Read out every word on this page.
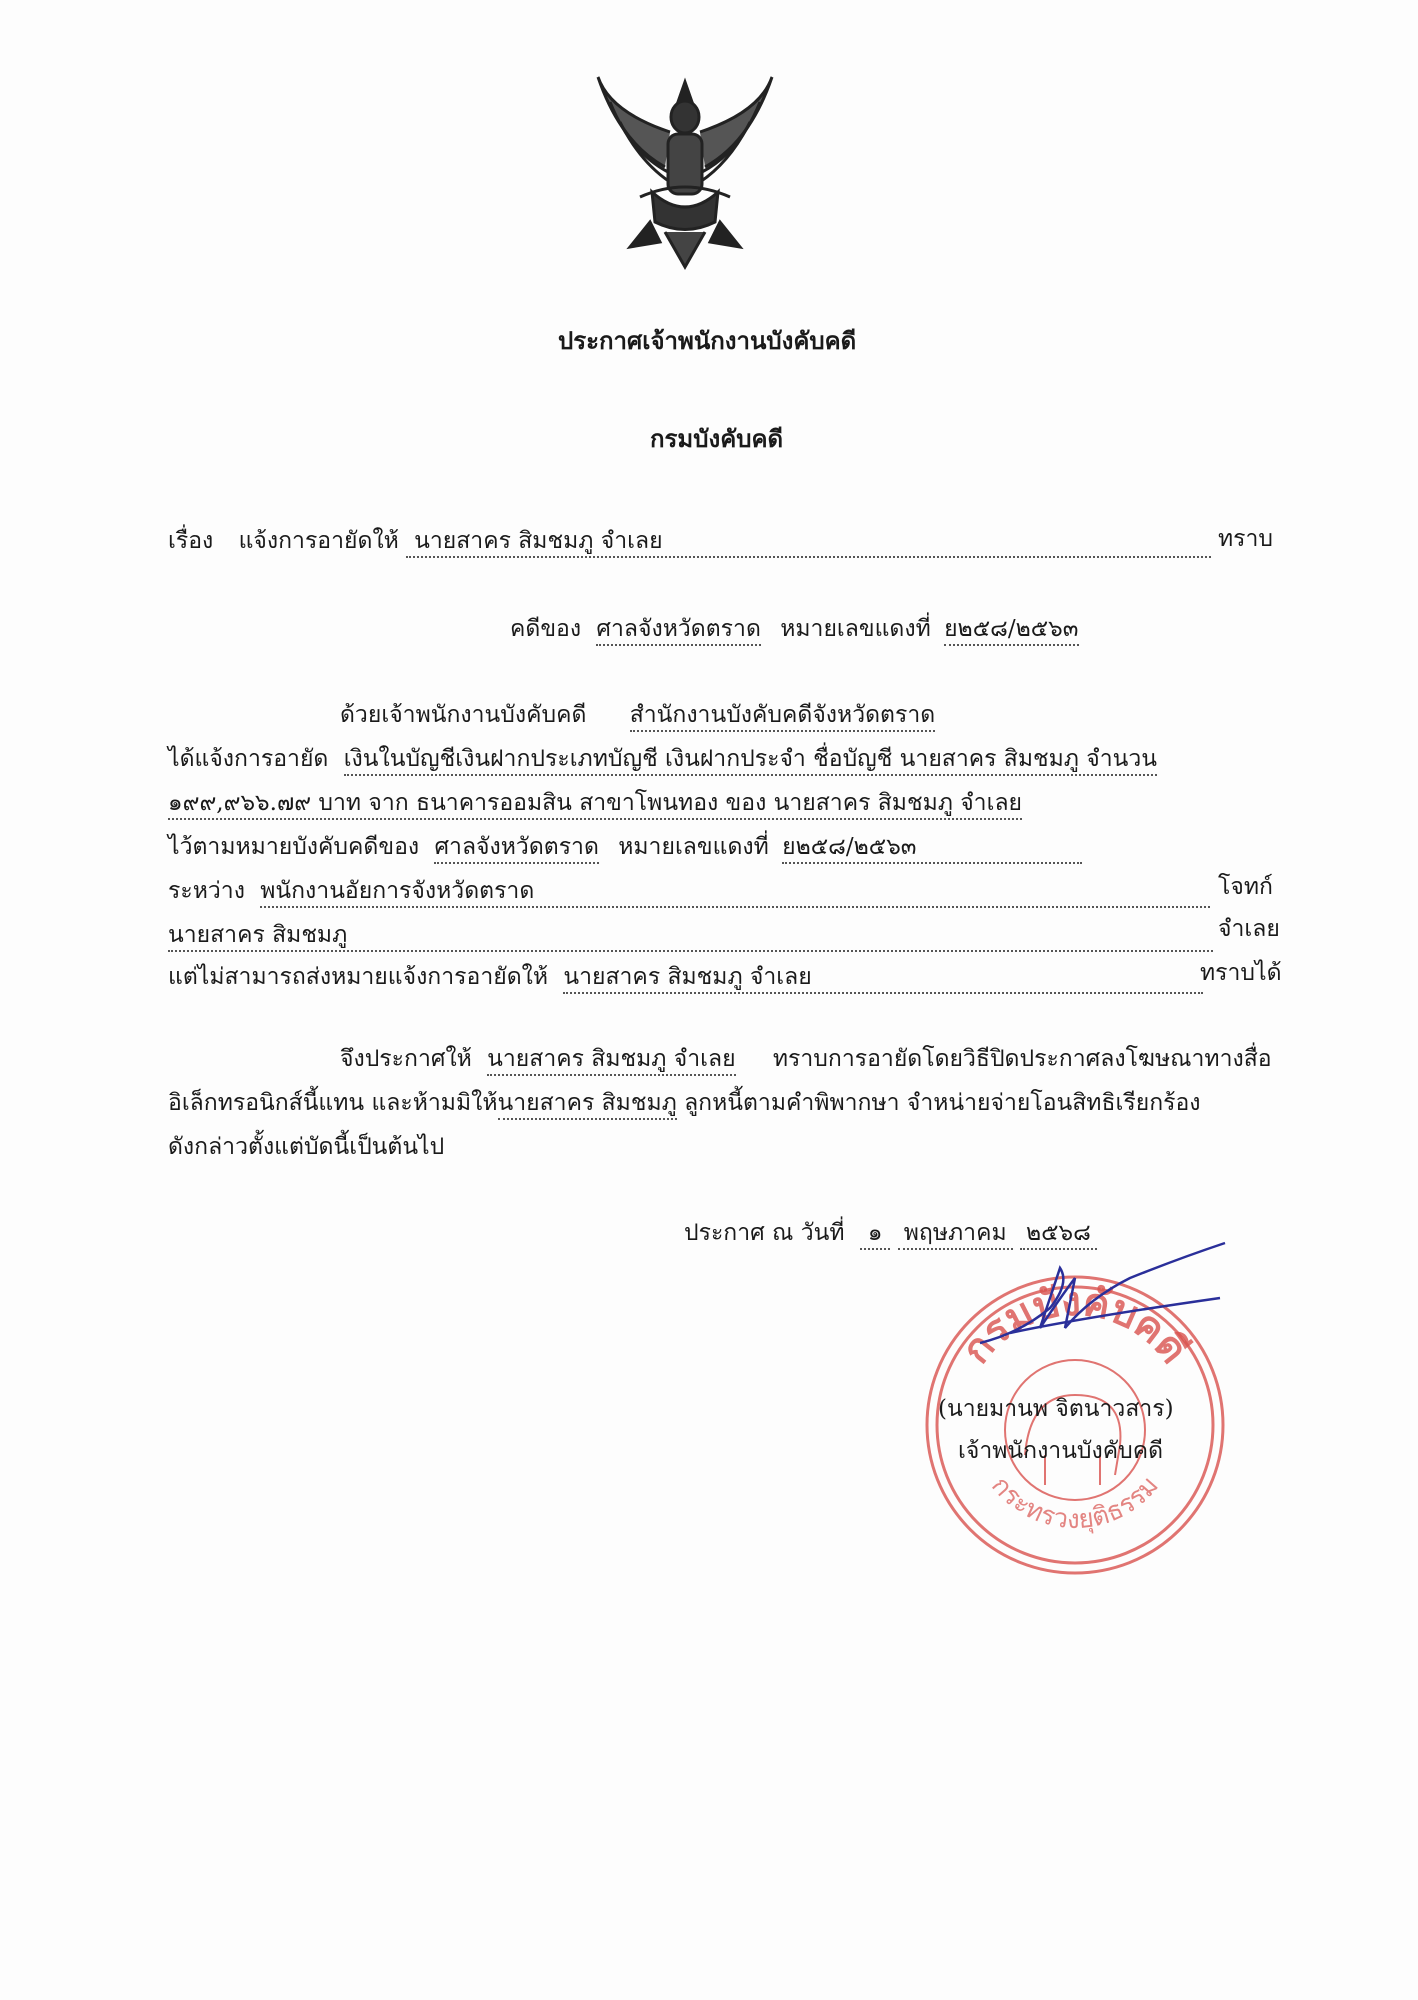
ประกาศเจ้าพนักงานบังคับคดี
กรมบังคับคดี
เรื่อง แจ้งการอายัดให้ นายสาคร สิมชมภู จำเลย	ทราบ
คดีของ ศาลจังหวัดตราด หมายเลขแดงที่ ย๒๕๘/๒๕๖๓
ด้วยเจ้าพนักงานบังคับคดี สำนักงานบังคับคดีจังหวัดตราด
ได้แจ้งการอายัด เงินในบัญชีเงินฝากประเภทบัญชี เงินฝากประจำ ชื่อบัญชี นายสาคร สิมชมภู จำนวน
๑๙๙,๙๖๖.๗๙ บาท จาก ธนาคารออมสิน สาขาโพนทอง ของ นายสาคร สิมชมภู จำเลย
ไว้ตามหมายบังคับคดีของ ศาลจังหวัดตราด หมายเลขแดงที่ ย๒๕๘/๒๕๖๓
ระหว่าง พนักงานอัยการจังหวัดตราด	โจทก์
นายสาคร สิมชมภู	จำเลย
แต่ไม่สามารถส่งหมายแจ้งการอายัดให้ นายสาคร สิมชมภู จำเลย	ทราบได้
จึงประกาศให้ นายสาคร สิมชมภู จำเลย ทราบการอายัดโดยวิธีปิดประกาศลงโฆษณาทางสื่อ
อิเล็กทรอนิกส์นี้แทน และห้ามมิให้นายสาคร สิมชมภู ลูกหนี้ตามคำพิพากษา จำหน่ายจ่ายโอนสิทธิเรียกร้อง
ดังกล่าวตั้งแต่บัดนี้เป็นต้นไป
ประกาศ ณ วันที่ ๑ พฤษภาคม ๒๕๖๘
กรมบังคับคดี
กระทรวงยุติธรรม
(นายมานพ จิตนาวสาร)
เจ้าพนักงานบังคับคดี
